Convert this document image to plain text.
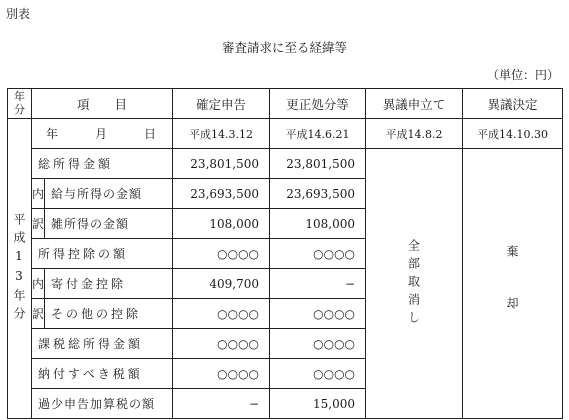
別表
審査請求に至る経緯等
（単位：円）
年
分	項　　目		確定申告	更正処分等	異議申立て	異議決定

平成13年分	年 月 日		平成14.3.12	平成14.6.21	平成14.8.2	平成14.10.30
	総所得金額		23,801,500	23,801,500	全部取消し	棄　却

	内	給与所得の金額	23,693,500	23,693,500		
	訳	雑所得の金額	108,000	108,000		
	所得控除の額		○○○○	○○○○		
	内	寄付金控除	409,700	−		
	訳	その他の控除	○○○○	○○○○		
	課税総所得金額		○○○○	○○○○		
	納付すべき税額		○○○○	○○○○		
	過少申告加算税の額		−	15,000		
